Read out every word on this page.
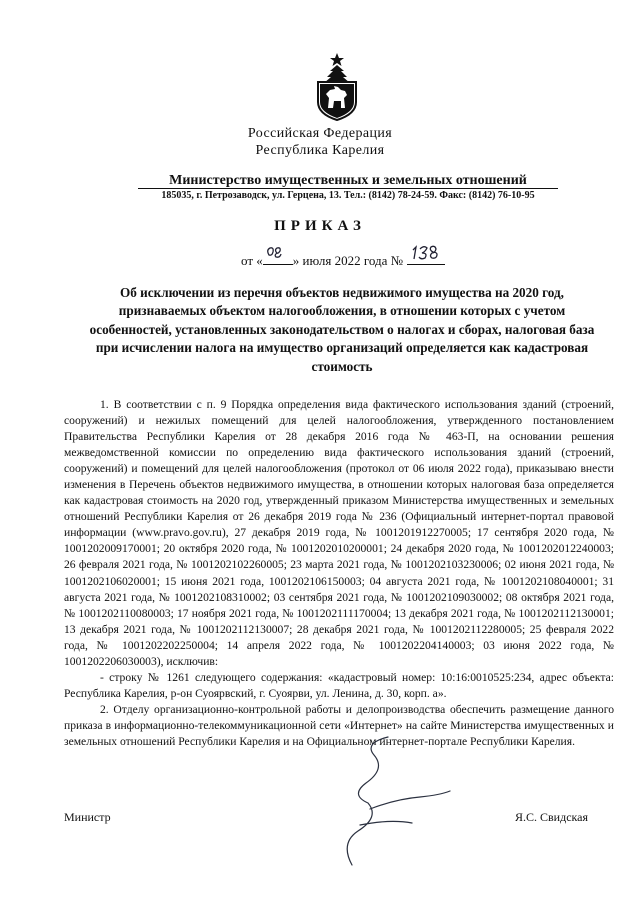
Российская Федерация
Республика Карелия
Министерство имущественных и земельных отношений
185035, г. Петрозаводск, ул. Герцена, 13. Тел.: (8142) 78-24-59. Факс: (8142) 76-10-95
ПРИКАЗ
от « » июля 2022 года №
Об исключении из перечня объектов недвижимого имущества на 2020 год, признаваемых объектом налогообложения, в отношении которых с учетом особенностей, установленных законодательством о налогах и сборах, налоговая база при исчислении налога на имущество организаций определяется как кадастровая стоимость

1. В соответствии с п. 9 Порядка определения вида фактического использования зданий (строений, сооружений) и нежилых помещений для целей налогообложения, утвержденного постановлением Правительства Республики Карелия от 28 декабря 2016 года № 463-П, на основании решения межведомственной комиссии по определению вида фактического использования зданий (строений, сооружений) и помещений для целей налогообложения (протокол от 06 июля 2022 года), приказываю внести изменения в Перечень объектов недвижимого имущества, в отношении которых налоговая база определяется как кадастровая стоимость на 2020 год, утвержденный приказом Министерства имущественных и земельных отношений Республики Карелия от 26 декабря 2019 года № 236 (Официальный интернет-портал правовой информации (www.pravo.gov.ru), 27 декабря 2019 года, № 1001201912270005; 17 сентября 2020 года, № 1001202009170001; 20 октября 2020 года, № 1001202010200001; 24 декабря 2020 года, № 1001202012240003; 26 февраля 2021 года, № 1001202102260005; 23 марта 2021 года, № 1001202103230006; 02 июня 2021 года, № 1001202106020001; 15 июня 2021 года, 1001202106150003; 04 августа 2021 года, № 1001202108040001; 31 августа 2021 года, № 1001202108310002; 03 сентября 2021 года, № 1001202109030002; 08 октября 2021 года, № 1001202110080003; 17 ноября 2021 года, № 1001202111170004; 13 декабря 2021 года, № 1001202112130001; 13 декабря 2021 года, № 1001202112130007; 28 декабря 2021 года, № 1001202112280005; 25 февраля 2022 года, № 1001202202250004; 14 апреля 2022 года, № 1001202204140003; 03 июня 2022 года, № 1001202206030003), исключив:

- строку № 1261 следующего содержания: «кадастровый номер: 10:16:0010525:234, адрес объекта: Республика Карелия, р-он Суоярвский, г. Суоярви, ул. Ленина, д. 30, корп. а».

2. Отделу организационно-контрольной работы и делопроизводства обеспечить размещение данного приказа в информационно-телекоммуникационной сети «Интернет» на сайте Министерства имущественных и земельных отношений Республики Карелия и на Официальном интернет-портале Республики Карелия.

Министр	Я.С. Свидская
